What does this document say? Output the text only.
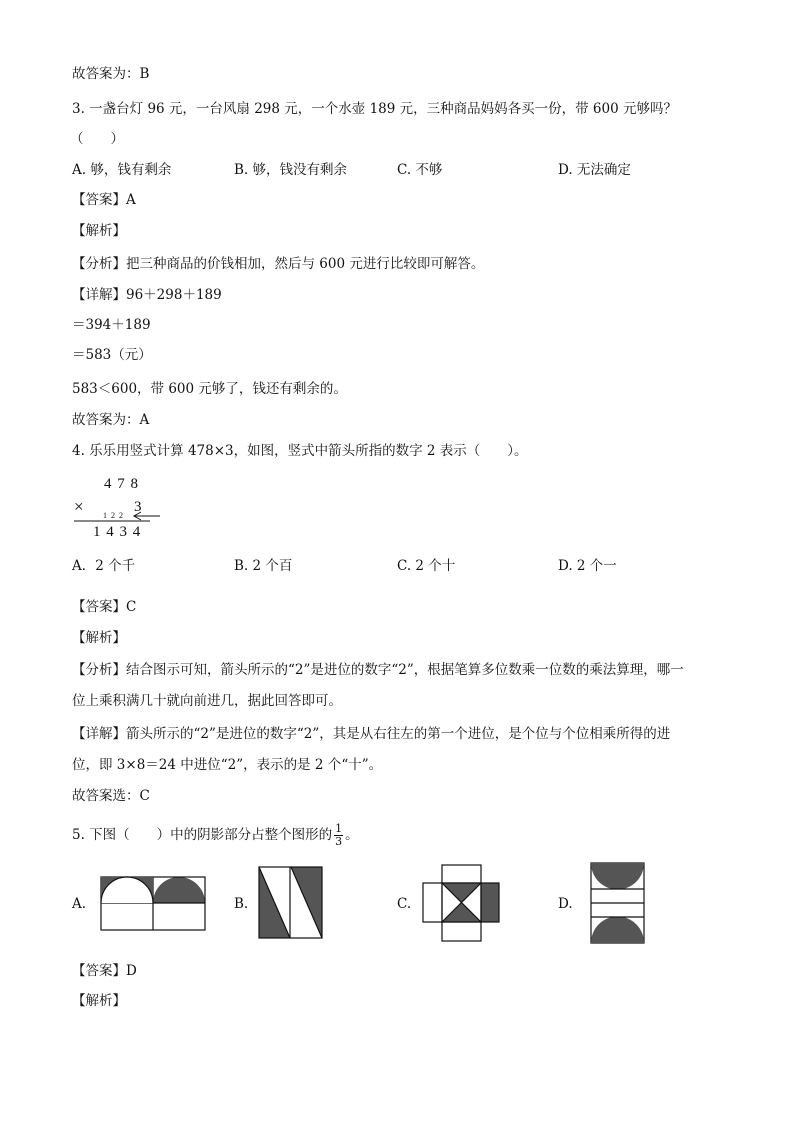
故答案为：B
3. 一盏台灯 96 元，一台风扇 298 元，一个水壶 189 元，三种商品妈妈各买一份，带 600 元够吗？
（　　）
A. 够，钱有剩余	B. 够，钱没有剩余	C. 不够	D. 无法确定
【答案】A
【解析】
【分析】把三种商品的价钱相加，然后与 600 元进行比较即可解答。
【详解】96＋298＋189
＝394＋189
＝583（元）
583＜600，带 600 元够了，钱还有剩余的。
故答案为：A
4. 乐乐用竖式计算 478×3，如图，竖式中箭头所指的数字 2 表示（　　）。
4 7 8
× 1 2 2
3
1 4 3 4
A．2 个千	B. 2 个百	C. 2 个十	D. 2 个一
【答案】C
【解析】
【分析】结合图示可知，箭头所示的“2”是进位的数字“2”，根据笔算多位数乘一位数的乘法算理，哪一
位上乘积满几十就向前进几，据此回答即可。
【详解】箭头所示的“2”是进位的数字“2”，其是从右往左的第一个进位，是个位与个位相乘所得的进
位，即 3×8＝24 中进位“2”，表示的是 2 个“十”。
故答案选：C
5. 下图（　　）中的阴影部分占整个图形的 $\frac{1}{3}$ 。
A.	B.	C.	D.
【答案】D
【解析】
